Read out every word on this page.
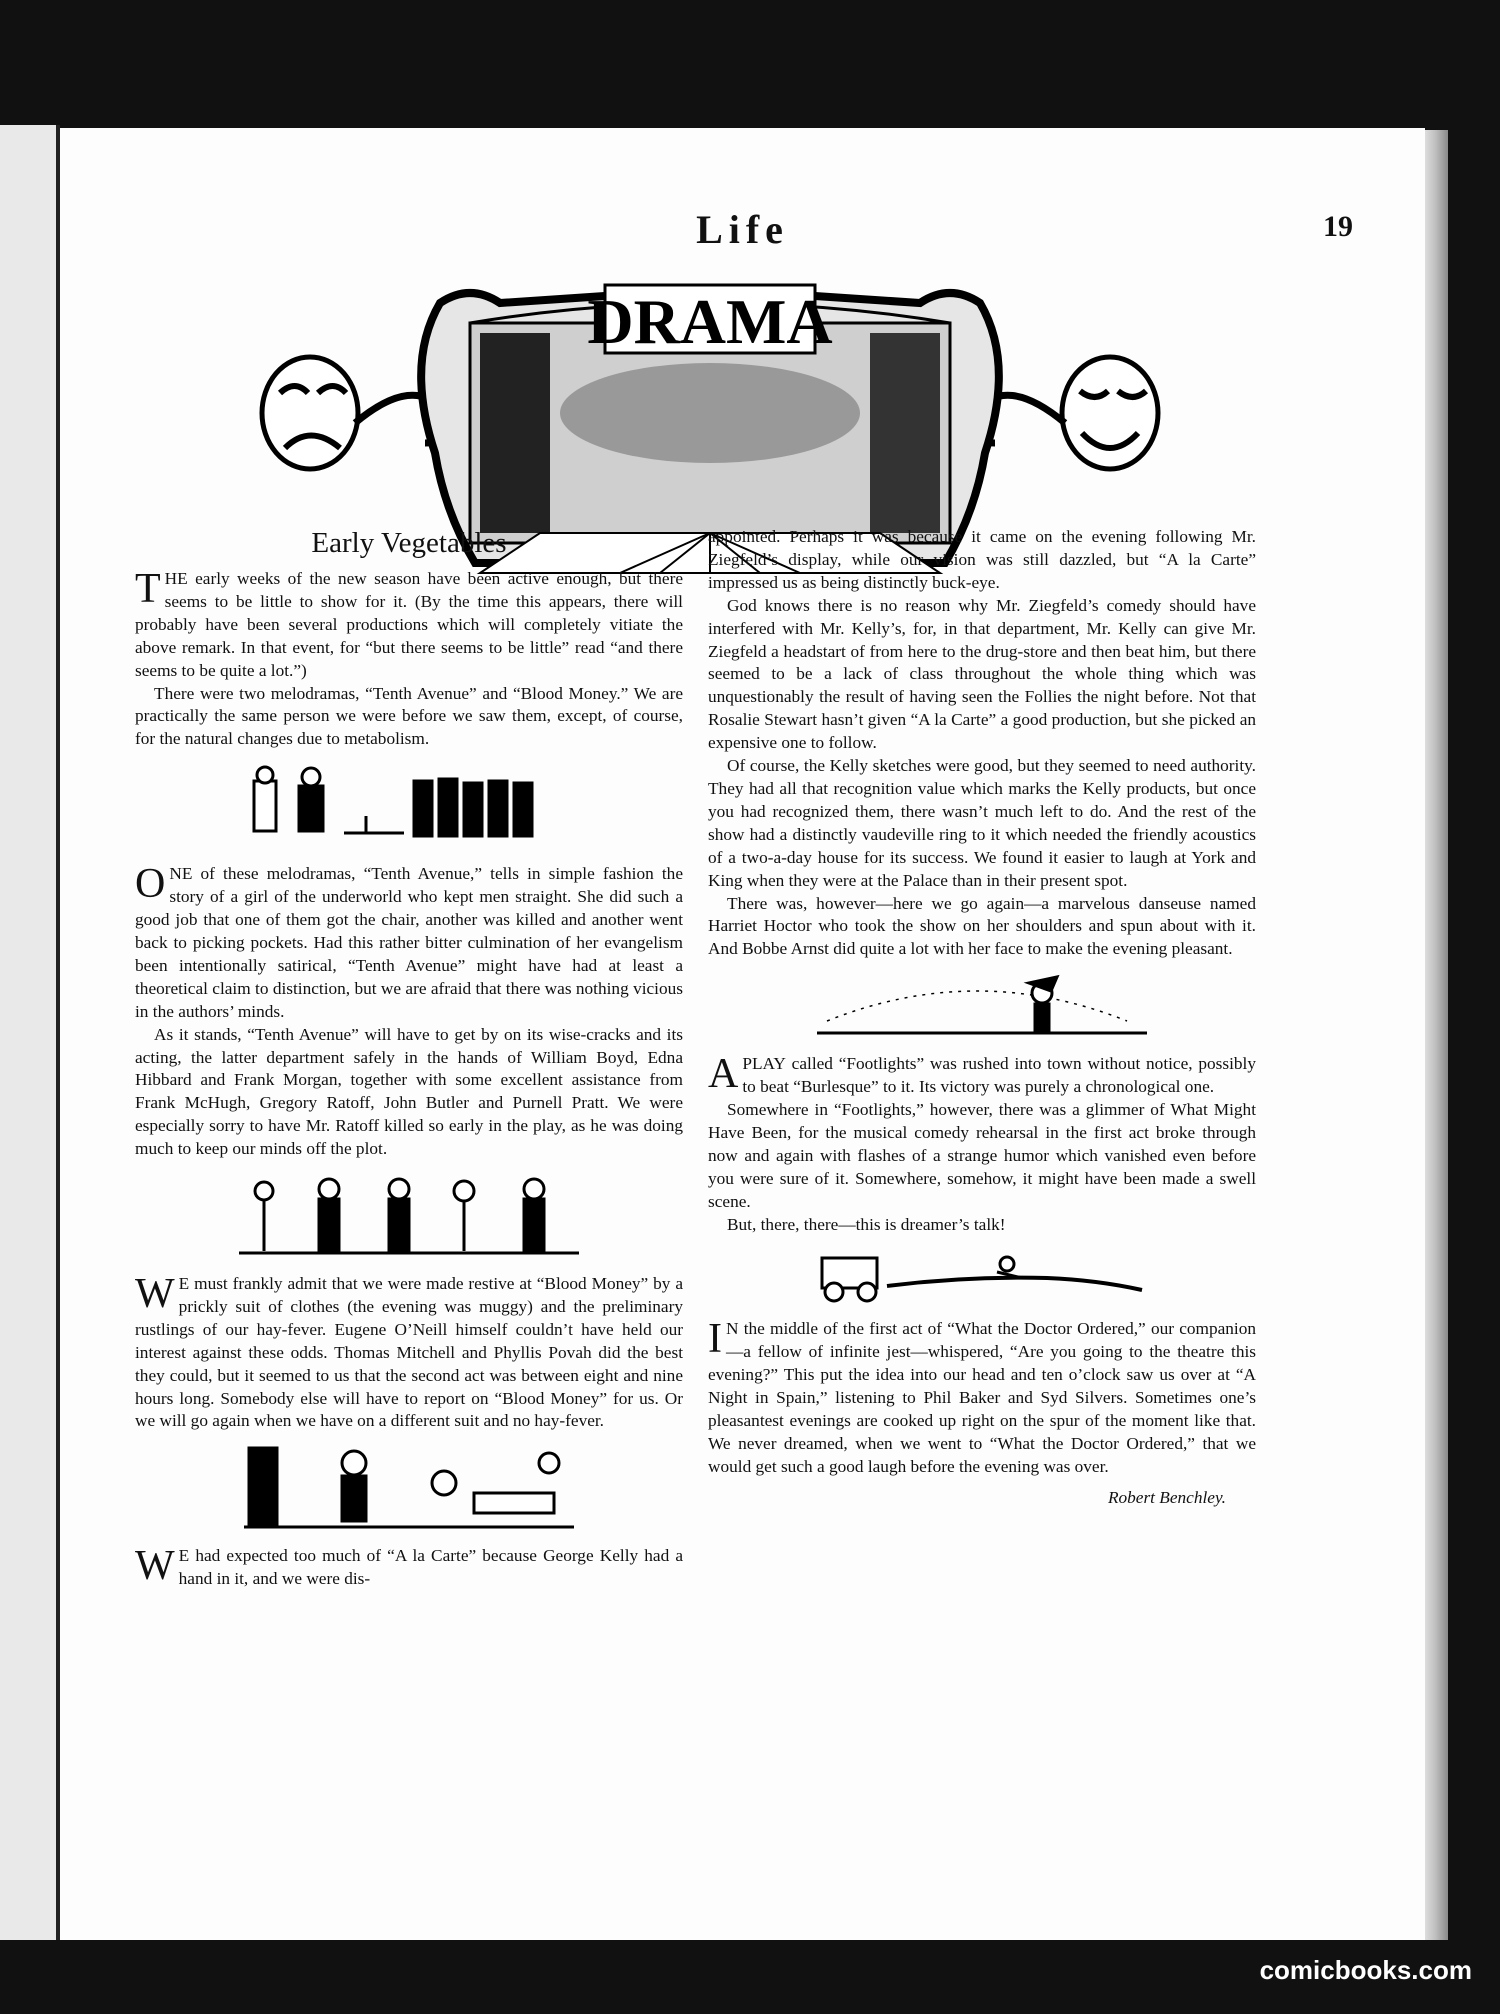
Life	19
DRAMA
Early Vegetables

THE early weeks of the new season have been active enough, but there seems to be little to show for it. (By the time this appears, there will probably have been several productions which will completely vitiate the above remark. In that event, for “but there seems to be little” read “and there seems to be quite a lot.”)

There were two melodramas, “Tenth Avenue” and “Blood Money.” We are practically the same person we were before we saw them, except, of course, for the natural changes due to metabolism.

ONE of these melodramas, “Tenth Avenue,” tells in simple fashion the story of a girl of the underworld who kept men straight. She did such a good job that one of them got the chair, another was killed and another went back to picking pockets. Had this rather bitter culmination of her evangelism been intentionally satirical, “Tenth Avenue” might have had at least a theoretical claim to distinction, but we are afraid that there was nothing vicious in the authors’ minds.

As it stands, “Tenth Avenue” will have to get by on its wise-cracks and its acting, the latter department safely in the hands of William Boyd, Edna Hibbard and Frank Morgan, together with some excellent assistance from Frank McHugh, Gregory Ratoff, John Butler and Purnell Pratt. We were especially sorry to have Mr. Ratoff killed so early in the play, as he was doing much to keep our minds off the plot.

W E must frankly admit that we were made restive at “Blood Money” by a prickly suit of clothes (the evening was muggy) and the preliminary rustlings of our hay-fever. Eugene O’Neill himself couldn’t have held our interest against these odds. Thomas Mitchell and Phyllis Povah did the best they could, but it seemed to us that the second act was between eight and nine hours long. Somebody else will have to report on “Blood Money” for us. Or we will go again when we have on a different suit and no hay-fever.

W E had expected too much of “A la Carte” because George Kelly had a hand in it, and we were dis-

appointed. Perhaps it was because it came on the evening following Mr. Ziegfeld’s display, while our vision was still dazzled, but “A la Carte” impressed us as being distinctly buck-eye.

God knows there is no reason why Mr. Ziegfeld’s comedy should have interfered with Mr. Kelly’s, for, in that department, Mr. Kelly can give Mr. Ziegfeld a headstart of from here to the drug-store and then beat him, but there seemed to be a lack of class throughout the whole thing which was unquestionably the result of having seen the Follies the night before. Not that Rosalie Stewart hasn’t given “A la Carte” a good production, but she picked an expensive one to follow.

Of course, the Kelly sketches were good, but they seemed to need authority. They had all that recognition value which marks the Kelly products, but once you had recognized them, there wasn’t much left to do. And the rest of the show had a distinctly vaudeville ring to it which needed the friendly acoustics of a two-a-day house for its success. We found it easier to laugh at York and King when they were at the Palace than in their present spot.

There was, however—here we go again—a marvelous danseuse named Harriet Hoctor who took the show on her shoulders and spun about with it. And Bobbe Arnst did quite a lot with her face to make the evening pleasant.

APLAY called “Footlights” was rushed into town without notice, possibly to beat “Burlesque” to it. Its victory was purely a chronological one.

Somewhere in “Footlights,” however, there was a glimmer of What Might Have Been, for the musical comedy rehearsal in the first act broke through now and again with flashes of a strange humor which vanished even before you were sure of it. Somewhere, somehow, it might have been made a swell scene.

But, there, there—this is dreamer’s talk!

I N the middle of the first act of “What the Doctor Ordered,” our companion—a fellow of infinite jest—whispered, “Are you going to the theatre this evening?” This put the idea into our head and ten o’clock saw us over at “A Night in Spain,” listening to Phil Baker and Syd Silvers. Sometimes one’s pleasantest evenings are cooked up right on the spur of the moment like that. We never dreamed, when we went to “What the Doctor Ordered,” that we would get such a good laugh before the evening was over.

Robert Benchley.
comicbooks.com
